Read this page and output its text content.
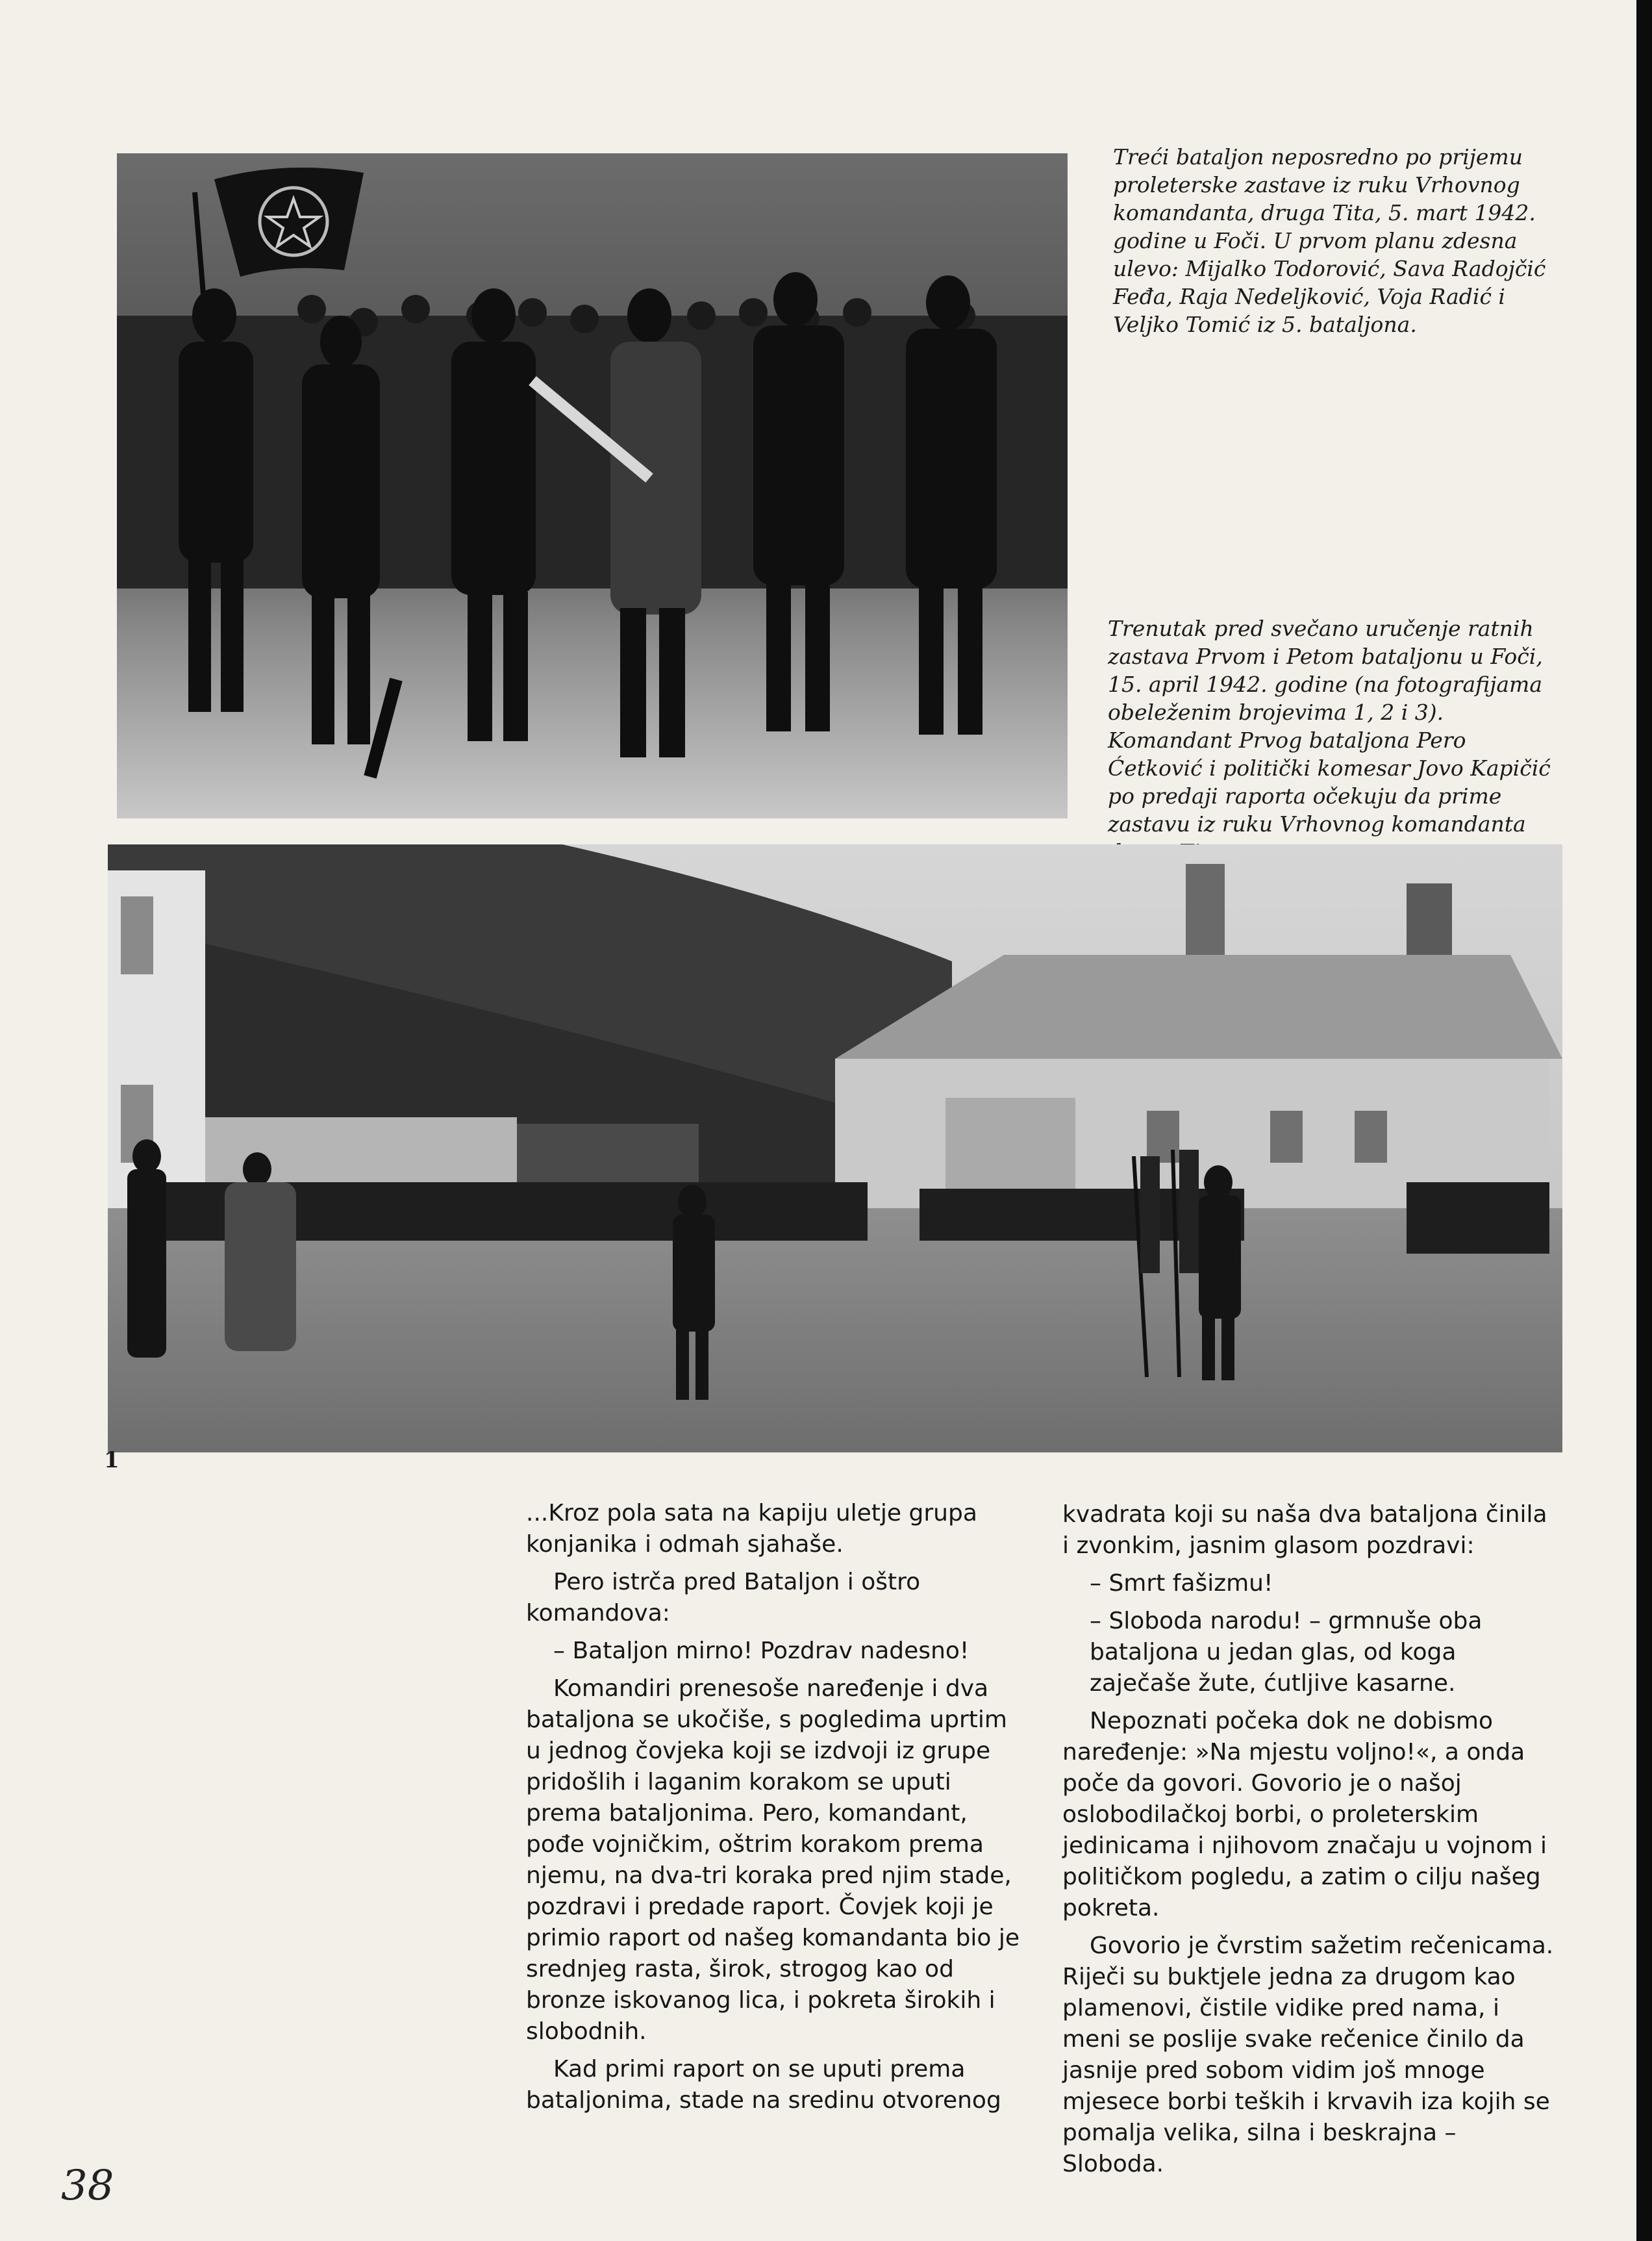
Treći bataljon neposredno po prijemu proleterske zastave iz ruku Vrhovnog komandanta, druga Tita, 5. mart 1942. godine u Foči. U prvom planu zdesna ulevo: Mijalko Todorović, Sava Radojčić Feđa, Raja Nedeljković, Voja Radić i Veljko Tomić iz 5. bataljona.
Trenutak pred svečano uručenje ratnih zastava Prvom i Petom bataljonu u Foči, 15. april 1942. godine (na fotografijama obeleženim brojevima 1, 2 i 3). Komandant Prvog bataljona Pero Ćetković i politički komesar Jovo Kapičić po predaji raporta očekuju da prime zastavu iz ruku Vrhovnog komandanta
1

...Kroz pola sata na kapiju uletje grupa konjanika i odmah sjahaše.

Pero istrča pred Bataljon i oštro komandova:

– Bataljon mirno! Pozdrav nadesno!

Komandiri prenesoše naređenje i dva bataljona se ukočiše, s pogledima uprtim u jednog čovjeka koji se izdvoji iz grupe pridošlih i laganim korakom se uputi prema bataljonima. Pero, komandant, pođe vojničkim, oštrim korakom prema njemu, na dva-tri koraka pred njim stade, pozdravi i predade raport. Čovjek koji je primio raport od našeg komandanta bio je srednjeg rasta, širok, strogog kao od bronze iskovanog lica, i pokreta širokih i slobodnih.

Kad primi raport on se uputi prema bataljonima, stade na sredinu otvorenog

kvadrata koji su naša dva bataljona činila i zvonkim, jasnim glasom pozdravi:

– Smrt fašizmu!

– Sloboda narodu! – grmnuše oba bataljona u jedan glas, od koga zaječaše žute, ćutljive kasarne.

Nepoznati počeka dok ne dobismo naređenje: »Na mjestu voljno!«, a onda poče da govori. Govorio je o našoj oslobodilačkoj borbi, o proleterskim jedinicama i njihovom značaju u vojnom i političkom pogledu, a zatim o cilju našeg pokreta.

Govorio je čvrstim sažetim rečenicama. Riječi su buktjele jedna za drugom kao plamenovi, čistile vidike pred nama, i meni se poslije svake rečenice činilo da jasnije pred sobom vidim još mnoge mjesece borbi teških i krvavih iza kojih se pomalja velika, silna i beskrajna – Sloboda.

38
